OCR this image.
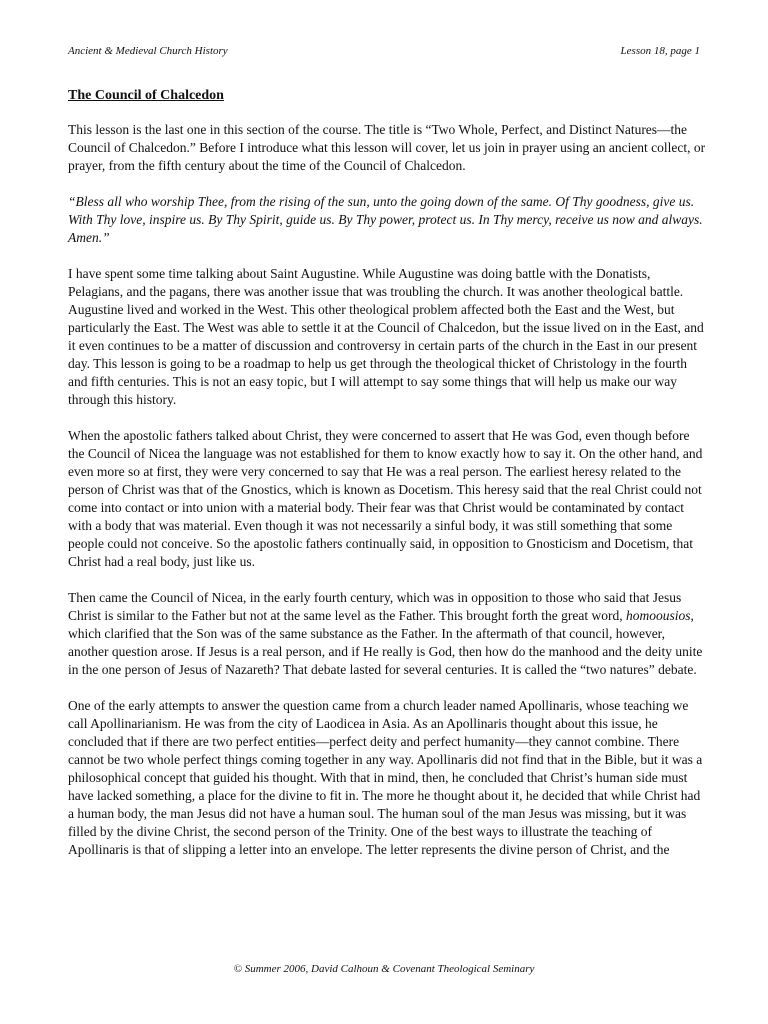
Ancient & Medieval Church History	Lesson 18, page 1
The Council of Chalcedon

This lesson is the last one in this section of the course. The title is “Two Whole, Perfect, and Distinct Natures—the Council of Chalcedon.” Before I introduce what this lesson will cover, let us join in prayer using an ancient collect, or prayer, from the fifth century about the time of the Council of Chalcedon.

“Bless all who worship Thee, from the rising of the sun, unto the going down of the same. Of Thy goodness, give us. With Thy love, inspire us. By Thy Spirit, guide us. By Thy power, protect us. In Thy mercy, receive us now and always. Amen.”

I have spent some time talking about Saint Augustine. While Augustine was doing battle with the Donatists, Pelagians, and the pagans, there was another issue that was troubling the church. It was another theological battle. Augustine lived and worked in the West. This other theological problem affected both the East and the West, but particularly the East. The West was able to settle it at the Council of Chalcedon, but the issue lived on in the East, and it even continues to be a matter of discussion and controversy in certain parts of the church in the East in our present day. This lesson is going to be a roadmap to help us get through the theological thicket of Christology in the fourth and fifth centuries. This is not an easy topic, but I will attempt to say some things that will help us make our way through this history.

When the apostolic fathers talked about Christ, they were concerned to assert that He was God, even though before the Council of Nicea the language was not established for them to know exactly how to say it. On the other hand, and even more so at first, they were very concerned to say that He was a real person. The earliest heresy related to the person of Christ was that of the Gnostics, which is known as Docetism. This heresy said that the real Christ could not come into contact or into union with a material body. Their fear was that Christ would be contaminated by contact with a body that was material. Even though it was not necessarily a sinful body, it was still something that some people could not conceive. So the apostolic fathers continually said, in opposition to Gnosticism and Docetism, that Christ had a real body, just like us.

Then came the Council of Nicea, in the early fourth century, which was in opposition to those who said that Jesus Christ is similar to the Father but not at the same level as the Father. This brought forth the great word, homoousios, which clarified that the Son was of the same substance as the Father. In the aftermath of that council, however, another question arose. If Jesus is a real person, and if He really is God, then how do the manhood and the deity unite in the one person of Jesus of Nazareth? That debate lasted for several centuries. It is called the “two natures” debate.

One of the early attempts to answer the question came from a church leader named Apollinaris, whose teaching we call Apollinarianism. He was from the city of Laodicea in Asia. As an Apollinaris thought about this issue, he concluded that if there are two perfect entities—perfect deity and perfect humanity—they cannot combine. There cannot be two whole perfect things coming together in any way. Apollinaris did not find that in the Bible, but it was a philosophical concept that guided his thought. With that in mind, then, he concluded that Christ’s human side must have lacked something, a place for the divine to fit in. The more he thought about it, he decided that while Christ had a human body, the man Jesus did not have a human soul. The human soul of the man Jesus was missing, but it was filled by the divine Christ, the second person of the Trinity. One of the best ways to illustrate the teaching of Apollinaris is that of slipping a letter into an envelope. The letter represents the divine person of Christ, and the

© Summer 2006, David Calhoun & Covenant Theological Seminary
